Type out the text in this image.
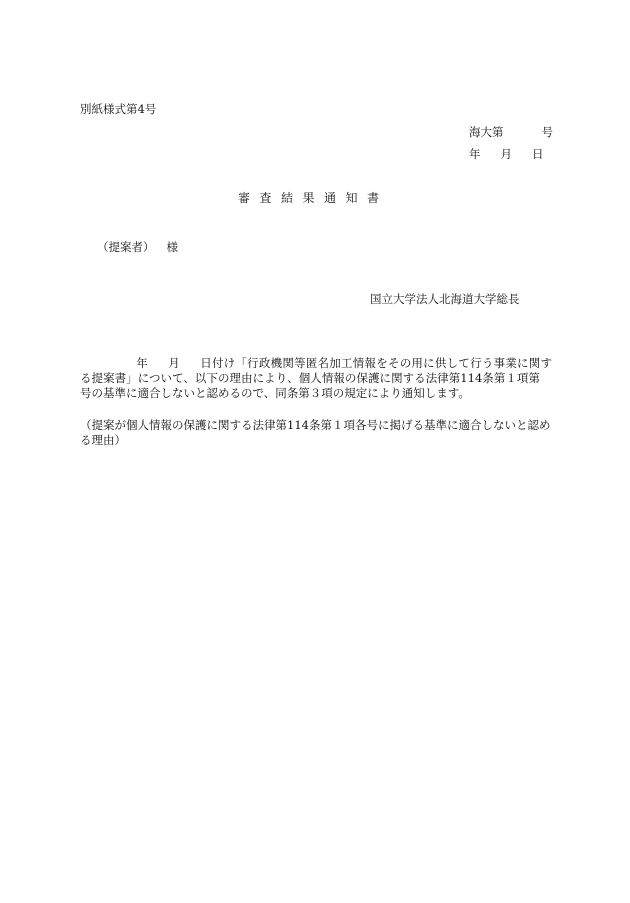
別紙様式第4号
海大第	号
年 月 日
審査結果通知書
（提案者） 様
国立大学法人北海道大学総長
年 月 日付け「行政機関等匿名加工情報をその用に供して行う事業に関する提案書」について、以下の理由により、個人情報の保護に関する法律第114条第１項第号の基準に適合しないと認めるので、同条第３項の規定により通知します。
（提案が個人情報の保護に関する法律第114条第１項各号に掲げる基準に適合しないと認める理由）
